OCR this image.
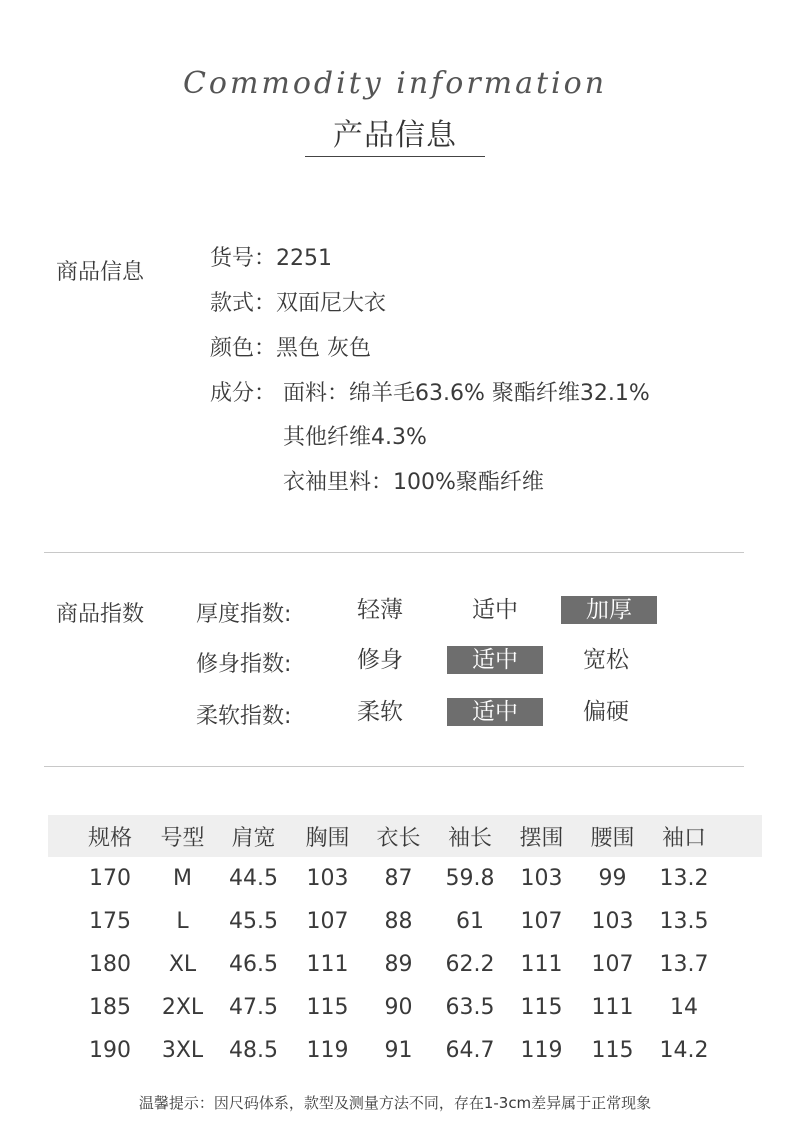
Commodity information
产品信息
商品信息
货号：2251
款式：双面尼大衣
颜色：黑色 灰色
成分： 面料：绵羊毛63.6% 聚酯纤维32.1%
其他纤维4.3%
衣袖里料：100%聚酯纤维
商品指数 厚度指数:	轻薄	适中	加厚
修身指数:	修身	适中	宽松
柔软指数:	柔软	适中	偏硬
	规格	号型	肩宽	胸围	衣长	袖长	摆围	腰围	袖口	
	170	M	44.5	103	87	59.8	103	99	13.2	
	175	L	45.5	107	88	61	107	103	13.5	
	180	XL	46.5	111	89	62.2	111	107	13.7	
	185	2XL	47.5	115	90	63.5	115	111	14	
	190	3XL	48.5	119	91	64.7	119	115	14.2	
温馨提示：因尺码体系，款型及测量方法不同，存在1-3cm差异属于正常现象
